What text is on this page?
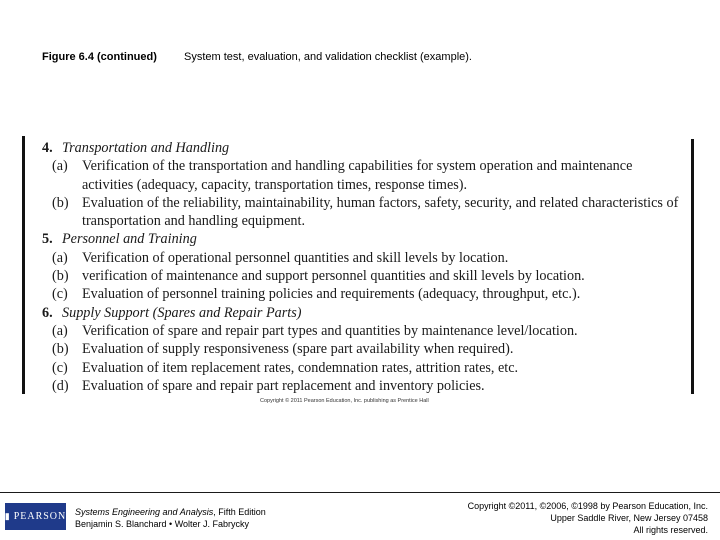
Figure 6.4 (continued) System test, evaluation, and validation checklist (example).
4. Transportation and Handling
(a)	Verification of the transportation and handling capabilities for system operation and maintenance activities (adequacy, capacity, transportation times, response times).
(b) Evaluation of the reliability, maintainability, human factors, safety, security, and related characteristics of transportation and handling equipment.
5. Personnel and Training
(a)	Verification of operational personnel quantities and skill levels by location.
(b) verification of maintenance and support personnel quantities and skill levels by location.
(c)	Evaluation of personnel training policies and requirements (adequacy, throughput, etc.).
6. Supply Support (Spares and Repair Parts)
(a)	Verification of spare and repair part types and quantities by maintenance level/location.
(b) Evaluation of supply responsiveness (spare part availability when required).
(c)	Evaluation of item replacement rates, condemnation rates, attrition rates, etc.
(d) Evaluation of spare and repair part replacement and inventory policies.
Copyright © 2011 Pearson Education, Inc. publishing as Prentice Hall
▮ PEARSON Systems Engineering and Analysis, Fifth Edition
Benjamin S. Blanchard • Wolter J. Fabrycky
Copyright ©2011, ©2006, ©1998 by Pearson Education, Inc.
Upper Saddle River, New Jersey 07458
All rights reserved.
